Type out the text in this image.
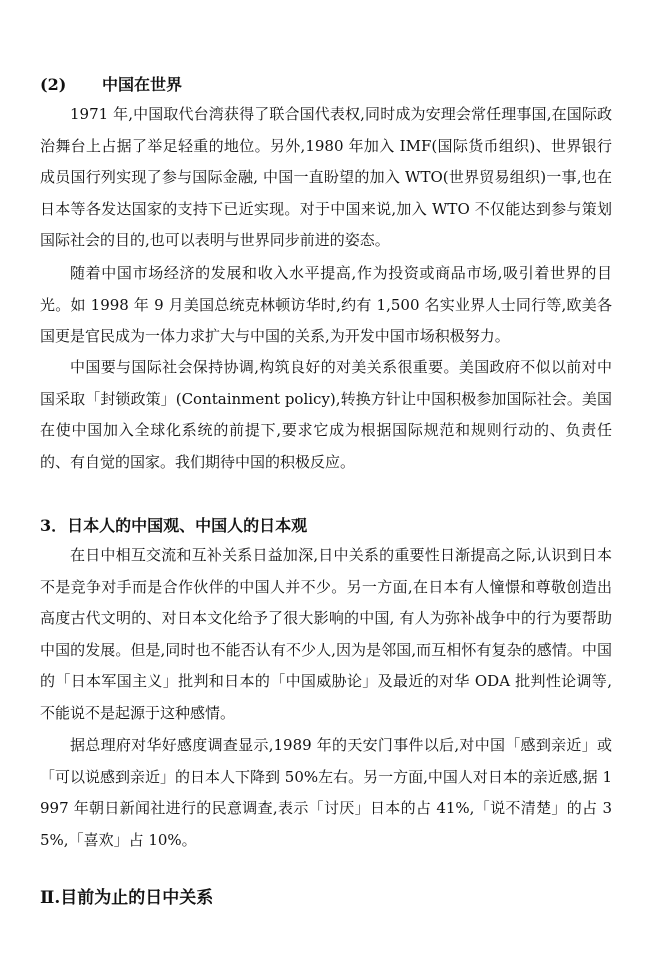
(2) 中国在世界

1971 年,中国取代台湾获得了联合国代表权,同时成为安理会常任理事国,在国际政治舞台上占据了举足轻重的地位。另外,1980 年加入 IMF(国际货币组织)、世界银行成员国行列实现了参与国际金融, 中国一直盼望的加入 WTO(世界贸易组织)一事,也在日本等各发达国家的支持下已近实现。对于中国来说,加入 WTO 不仅能达到参与策划国际社会的目的,也可以表明与世界同步前进的姿态。

随着中国市场经济的发展和收入水平提高,作为投资或商品市场,吸引着世界的目光。如 1998 年 9 月美国总统克林顿访华时,约有 1,500 名实业界人士同行等,欧美各国更是官民成为一体力求扩大与中国的关系,为开发中国市场积极努力。

中国要与国际社会保持协调,构筑良好的对美关系很重要。美国政府不似以前对中国采取「封锁政策」(Containment policy),转换方针让中国积极参加国际社会。美国在使中国加入全球化系统的前提下,要求它成为根据国际规范和规则行动的、负责任的、有自觉的国家。我们期待中国的积极反应。

3．日本人的中国观、中国人的日本观

在日中相互交流和互补关系日益加深,日中关系的重要性日渐提高之际,认识到日本不是竞争对手而是合作伙伴的中国人并不少。另一方面,在日本有人憧憬和尊敬创造出高度古代文明的、对日本文化给予了很大影响的中国, 有人为弥补战争中的行为要帮助中国的发展。但是,同时也不能否认有不少人,因为是邻国,而互相怀有复杂的感情。中国的「日本军国主义」批判和日本的「中国威胁论」及最近的对华 ODA 批判性论调等,不能说不是起源于这种感情。

据总理府对华好感度调查显示,1989 年的天安门事件以后,对中国「感到亲近」或「可以说感到亲近」的日本人下降到 50%左右。另一方面,中国人对日本的亲近感,据 1997 年朝日新闻社进行的民意调查,表示「讨厌」日本的占 41%,「说不清楚」的占 35%,「喜欢」占 10%。

Ⅱ.目前为止的日中关系
